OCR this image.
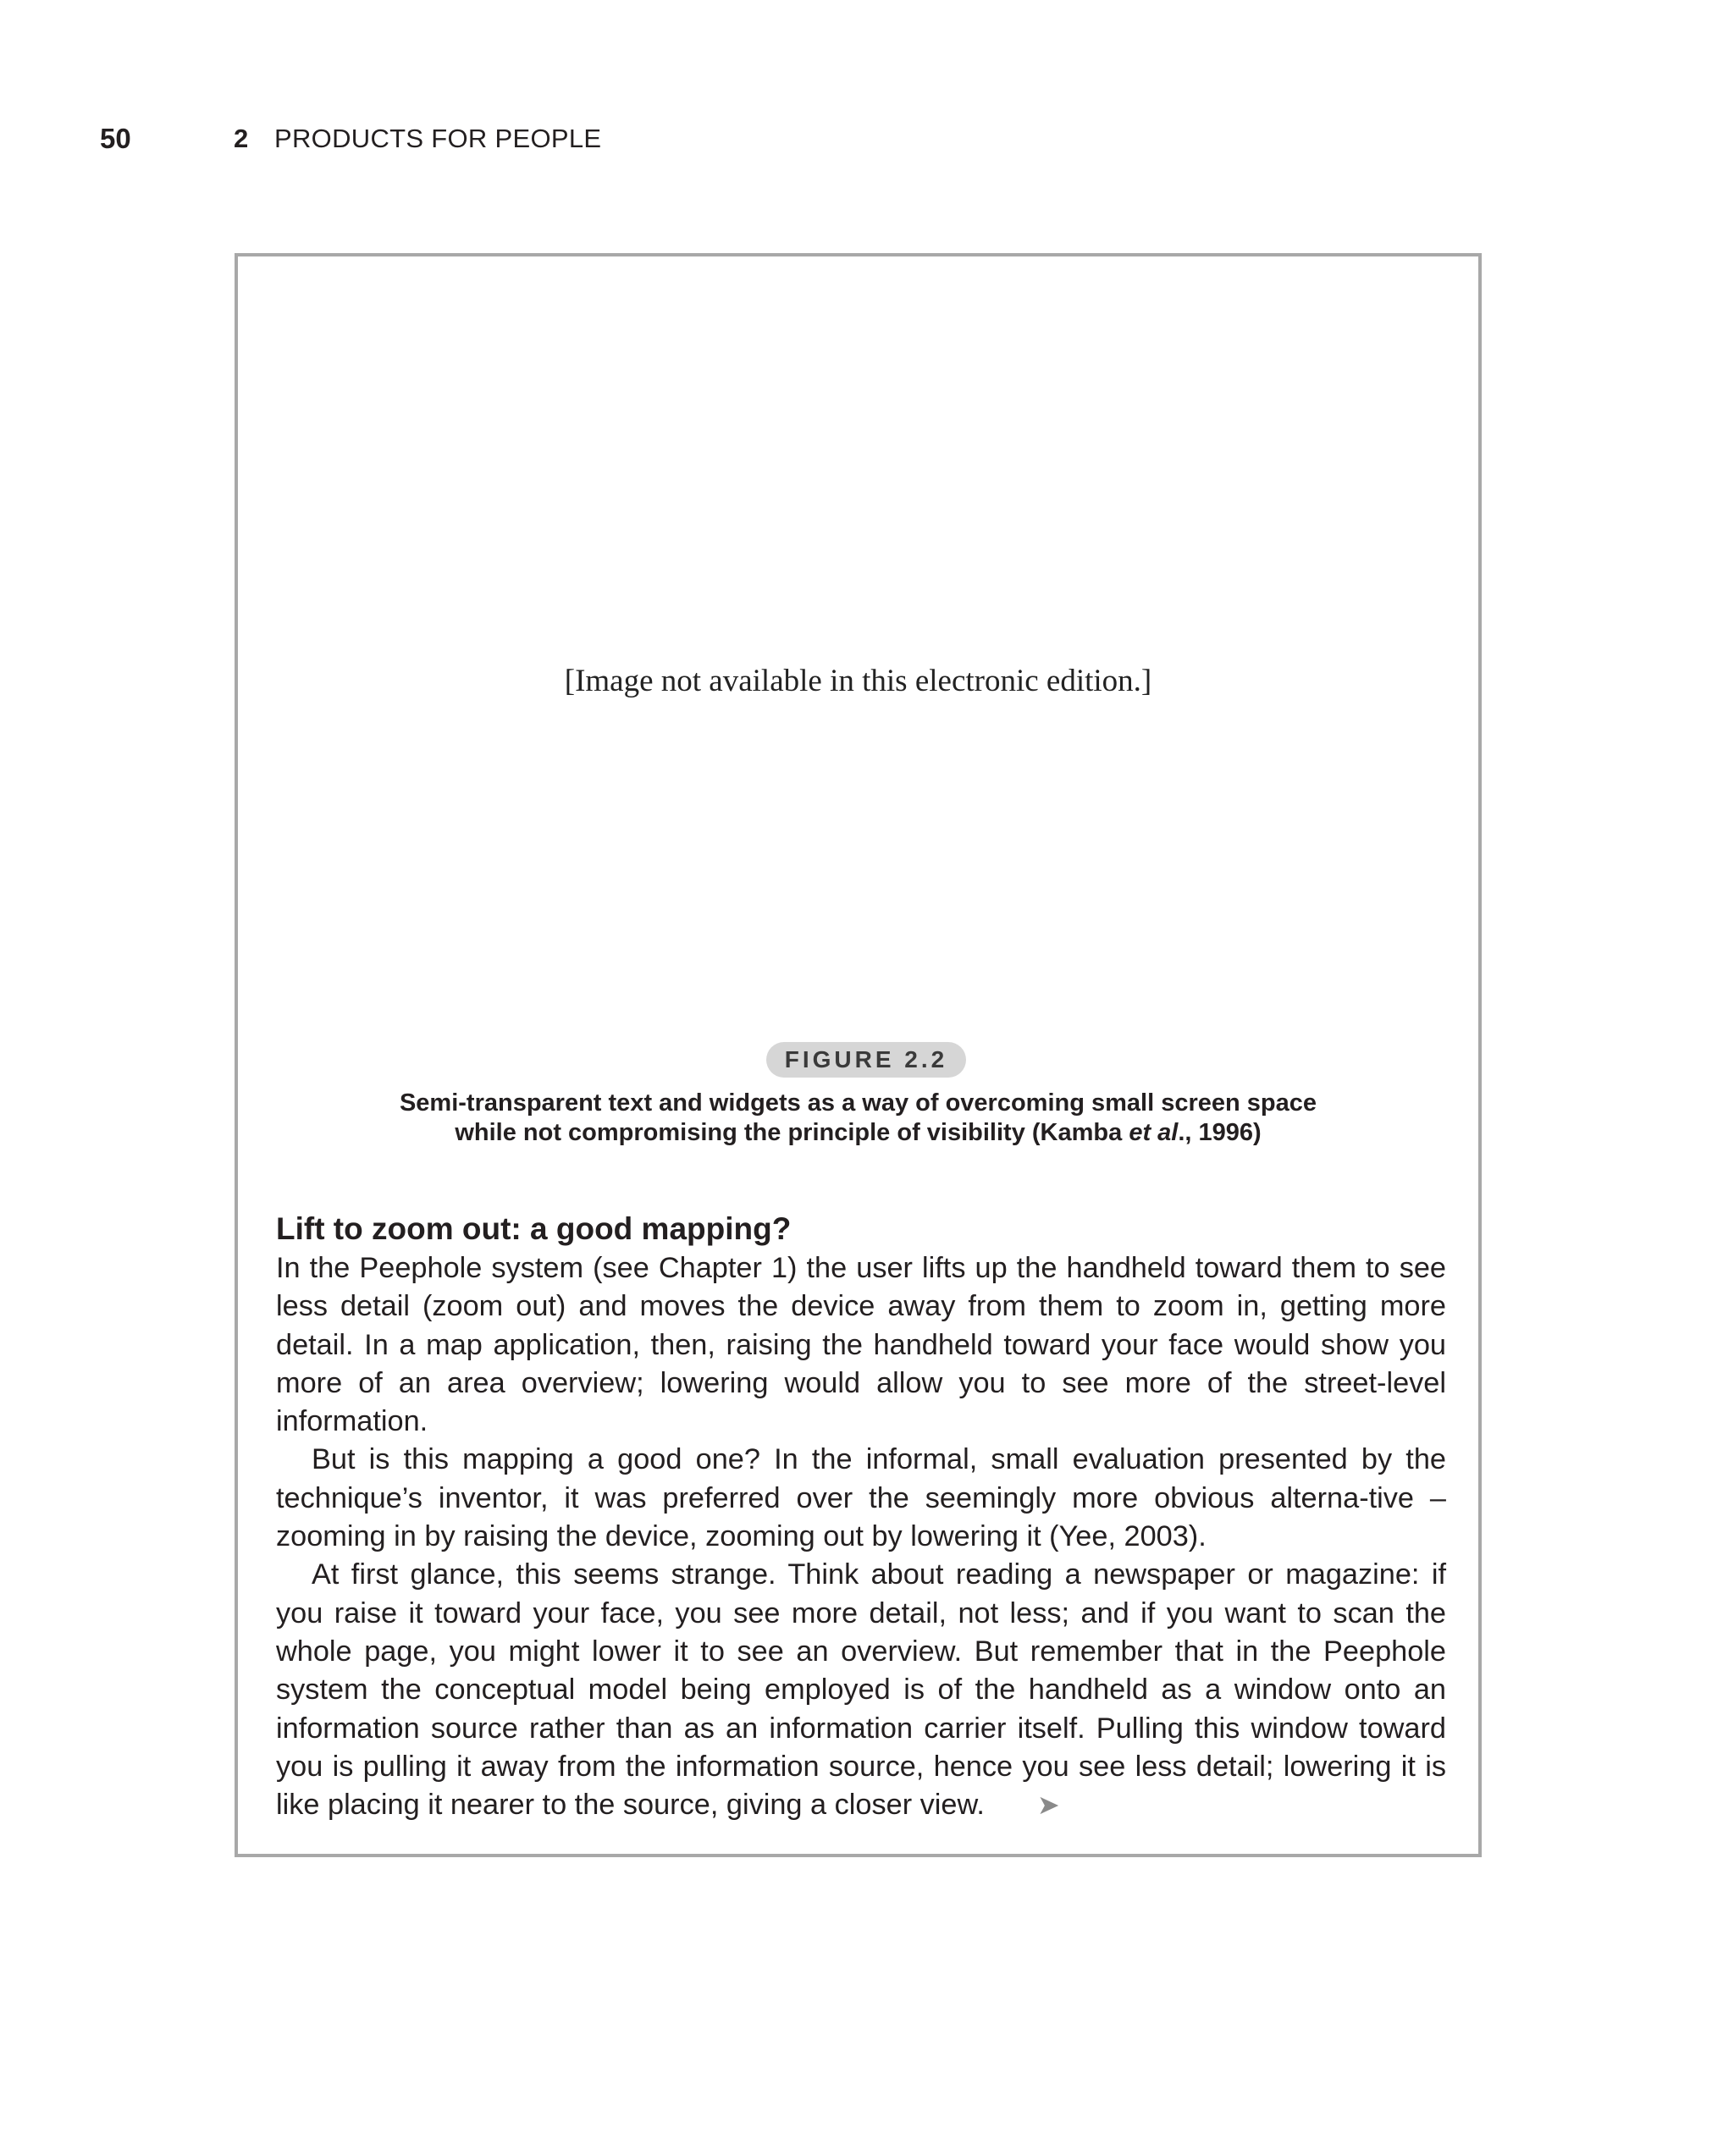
50	2 PRODUCTS FOR PEOPLE
[Image not available in this electronic edition.]
FIGURE 2.2
Semi-transparent text and widgets as a way of overcoming small screen space
while not compromising the principle of visibility (Kamba et al., 1996)
Lift to zoom out: a good mapping?

In the Peephole system (see Chapter 1) the user lifts up the handheld toward them to see less detail (zoom out) and moves the device away from them to zoom in, getting more detail. In a map application, then, raising the handheld toward your face would show you more of an area overview; lowering would allow you to see more of the street-level information.

But is this mapping a good one? In the informal, small evaluation presented by the technique’s inventor, it was preferred over the seemingly more obvious alterna-tive – zooming in by raising the device, zooming out by lowering it (Yee, 2003).

At first glance, this seems strange. Think about reading a newspaper or magazine: if you raise it toward your face, you see more detail, not less; and if you want to scan the whole page, you might lower it to see an overview. But remember that in the Peephole system the conceptual model being employed is of the handheld as a window onto an information source rather than as an information carrier itself. Pulling this window toward you is pulling it away from the information source, hence you see less detail; lowering it is like placing it nearer to the source, giving a closer view. ➤
